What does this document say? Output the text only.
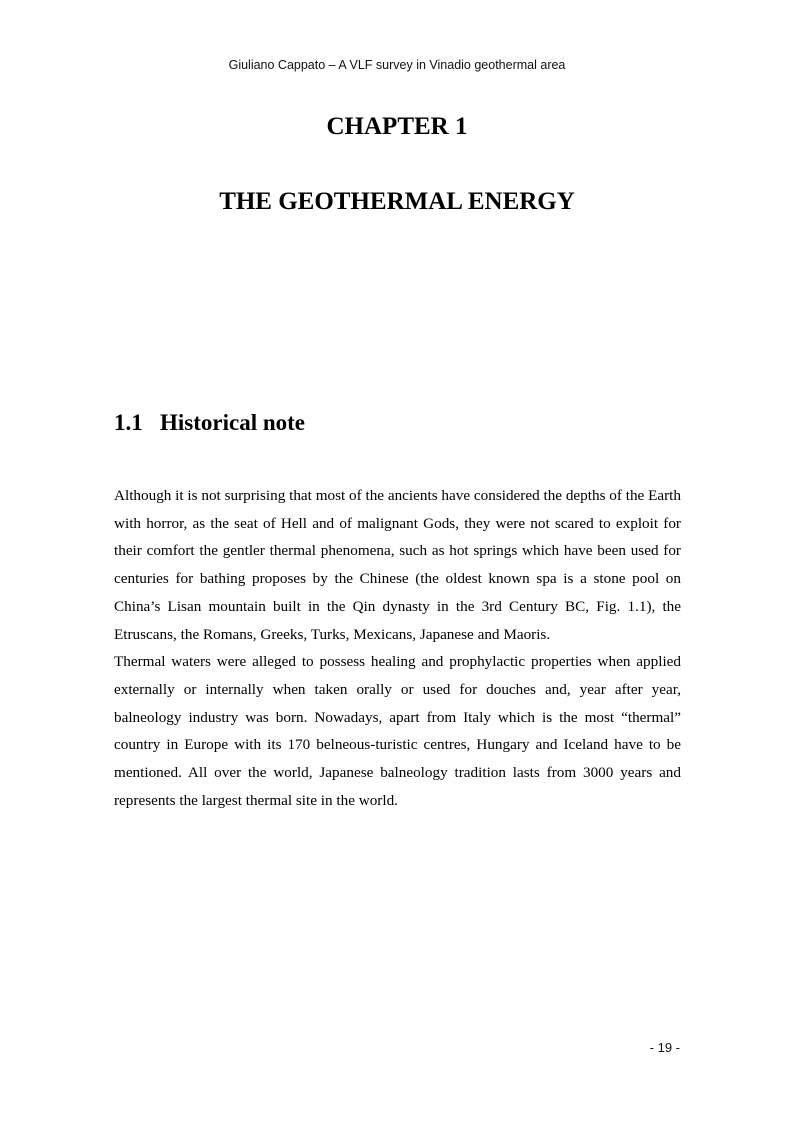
Giuliano Cappato – A VLF survey in Vinadio geothermal area
CHAPTER 1
THE GEOTHERMAL ENERGY
1.1 Historical note

Although it is not surprising that most of the ancients have considered the depths of the Earth with horror, as the seat of Hell and of malignant Gods, they were not scared to exploit for their comfort the gentler thermal phenomena, such as hot springs which have been used for centuries for bathing proposes by the Chinese (the oldest known spa is a stone pool on China’s Lisan mountain built in the Qin dynasty in the 3rd Century BC, Fig. 1.1), the Etruscans, the Romans, Greeks, Turks, Mexicans, Japanese and Maoris.

Thermal waters were alleged to possess healing and prophylactic properties when applied externally or internally when taken orally or used for douches and, year after year, balneology industry was born. Nowadays, apart from Italy which is the most “thermal” country in Europe with its 170 belneous-turistic centres, Hungary and Iceland have to be mentioned. All over the world, Japanese balneology tradition lasts from 3000 years and represents the largest thermal site in the world.

- 19 -
